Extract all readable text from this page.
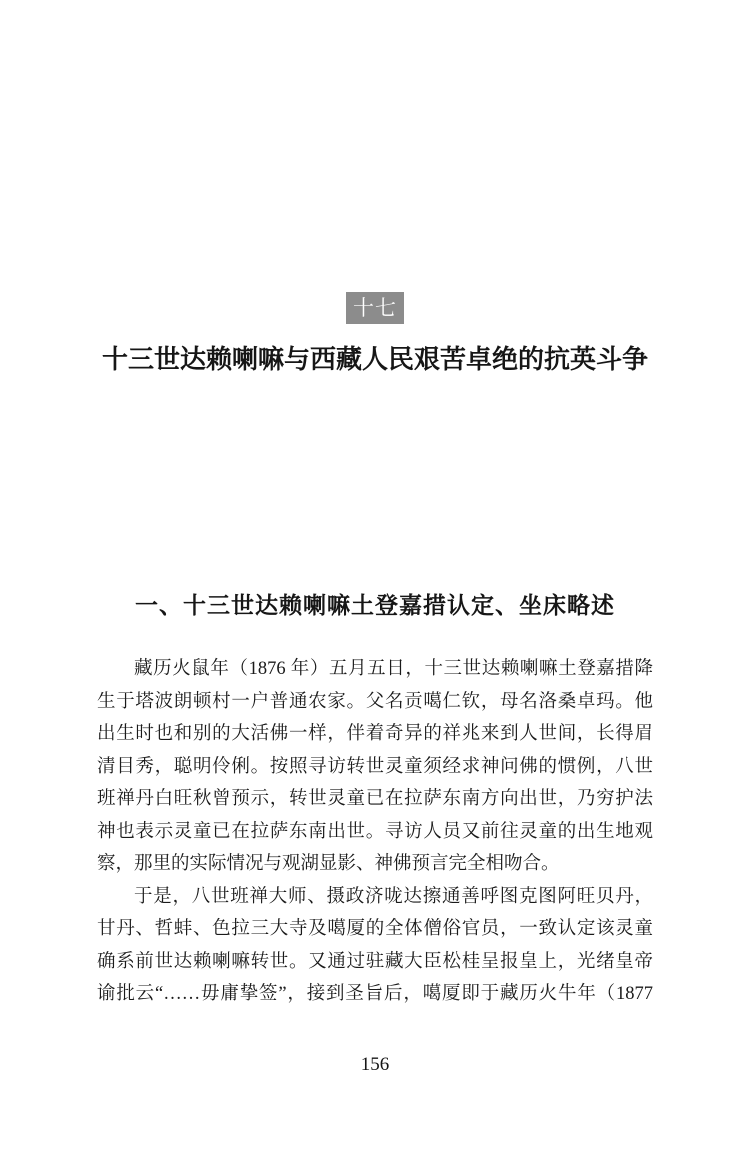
十七
十三世达赖喇嘛与西藏人民艰苦卓绝的抗英斗争
一、十三世达赖喇嘛土登嘉措认定、坐床略述
藏历火鼠年（1876 年）五月五日，十三世达赖喇嘛土登嘉措降
生于塔波朗顿村一户普通农家。父名贡噶仁钦，母名洛桑卓玛。他
出生时也和别的大活佛一样，伴着奇异的祥兆来到人世间，长得眉
清目秀，聪明伶俐。按照寻访转世灵童须经求神问佛的惯例，八世
班禅丹白旺秋曾预示，转世灵童已在拉萨东南方向出世，乃穷护法
神也表示灵童已在拉萨东南出世。寻访人员又前往灵童的出生地观
察，那里的实际情况与观湖显影、神佛预言完全相吻合。
于是，八世班禅大师、摄政济咙达擦通善呼图克图阿旺贝丹，
甘丹、哲蚌、色拉三大寺及噶厦的全体僧俗官员，一致认定该灵童
确系前世达赖喇嘛转世。又通过驻藏大臣松桂呈报皇上，光绪皇帝
谕批云“……毋庸挚签”，接到圣旨后，噶厦即于藏历火牛年（1877
156
